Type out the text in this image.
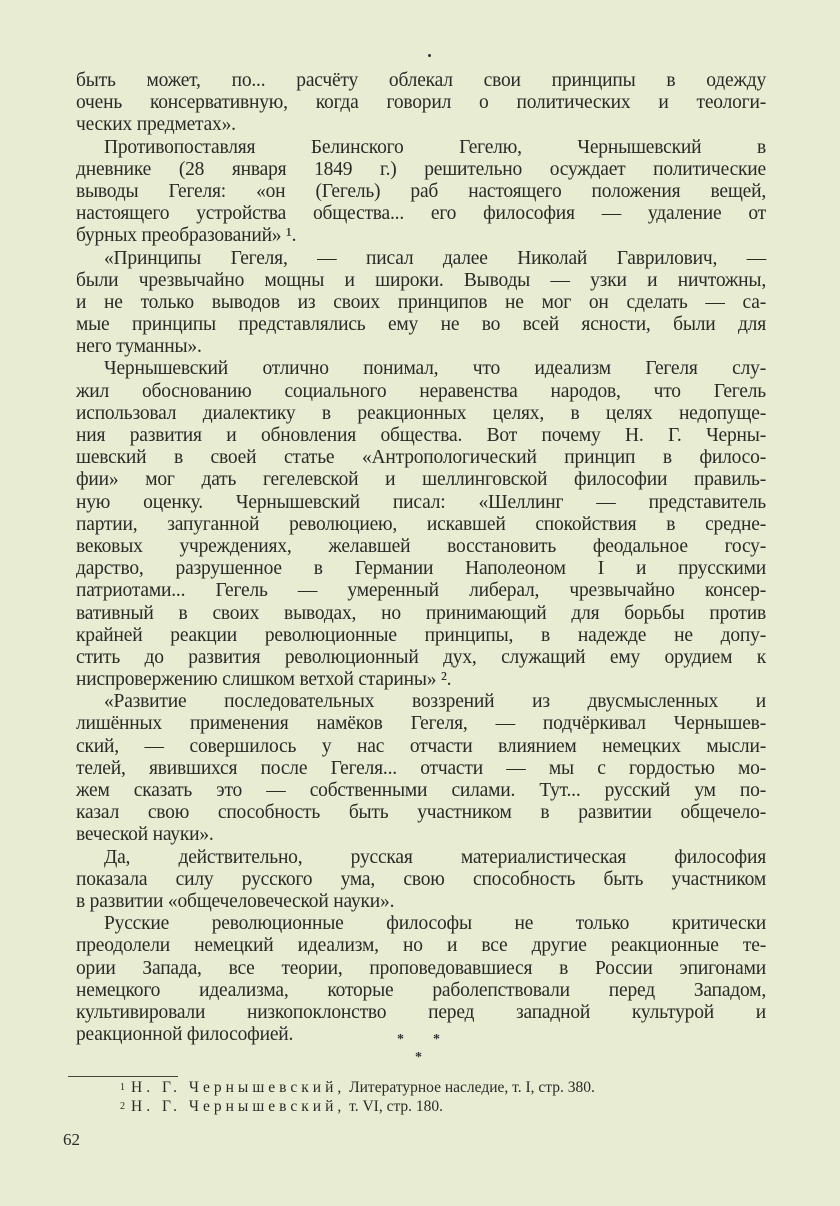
быть может, по... расчёту облекал свои принципы в одежду
очень консервативную, когда говорил о политических и теологи-
ческих предметах».
Противопоставляя Белинского Гегелю, Чернышевский в
дневнике (28 января 1849 г.) решительно осуждает политические
выводы Гегеля: «он (Гегель) раб настоящего положения вещей,
настоящего устройства общества... его философия — удаление от
бурных преобразований» ¹.
«Принципы Гегеля, — писал далее Николай Гаврилович, —
были чрезвычайно мощны и широки. Выводы — узки и ничтожны,
и не только выводов из своих принципов не мог он сделать — са-
мые принципы представлялись ему не во всей ясности, были для
него туманны».
Чернышевский отлично понимал, что идеализм Гегеля слу-
жил обоснованию социального неравенства народов, что Гегель
использовал диалектику в реакционных целях, в целях недопуще-
ния развития и обновления общества. Вот почему Н. Г. Черны-
шевский в своей статье «Антропологический принцип в филосо-
фии» мог дать гегелевской и шеллинговской философии правиль-
ную оценку. Чернышевский писал: «Шеллинг — представитель
партии, запуганной революциею, искавшей спокойствия в средне-
вековых учреждениях, желавшей восстановить феодальное госу-
дарство, разрушенное в Германии Наполеоном I и прусскими
патриотами... Гегель — умеренный либерал, чрезвычайно консер-
вативный в своих выводах, но принимающий для борьбы против
крайней реакции революционные принципы, в надежде не допу-
стить до развития революционный дух, служащий ему орудием к
ниспровержению слишком ветхой старины» ².
«Развитие последовательных воззрений из двусмысленных и
лишённых применения намёков Гегеля, — подчёркивал Чернышев-
ский, — совершилось у нас отчасти влиянием немецких мысли-
телей, явившихся после Гегеля... отчасти — мы с гордостью мо-
жем сказать это — собственными силами. Тут... русский ум по-
казал свою способность быть участником в развитии общечело-
веческой науки».
Да, действительно, русская материалистическая философия
показала силу русского ума, свою способность быть участником
в развитии «общечеловеческой науки».
Русские революционные философы не только критически
преодолели немецкий идеализм, но и все другие реакционные те-
ории Запада, все теории, проповедовавшиеся в России эпигонами
немецкого идеализма, которые раболепствовали перед Западом,
культивировали низкопоклонство перед западной культурой и
реакционной философией.	* *
*
$^1$ Н. Г. Чернышевский, Литературное наследие, т. I, стр. 380.
$^2$ Н. Г. Чернышевский, т. VI, стр. 180.
62
